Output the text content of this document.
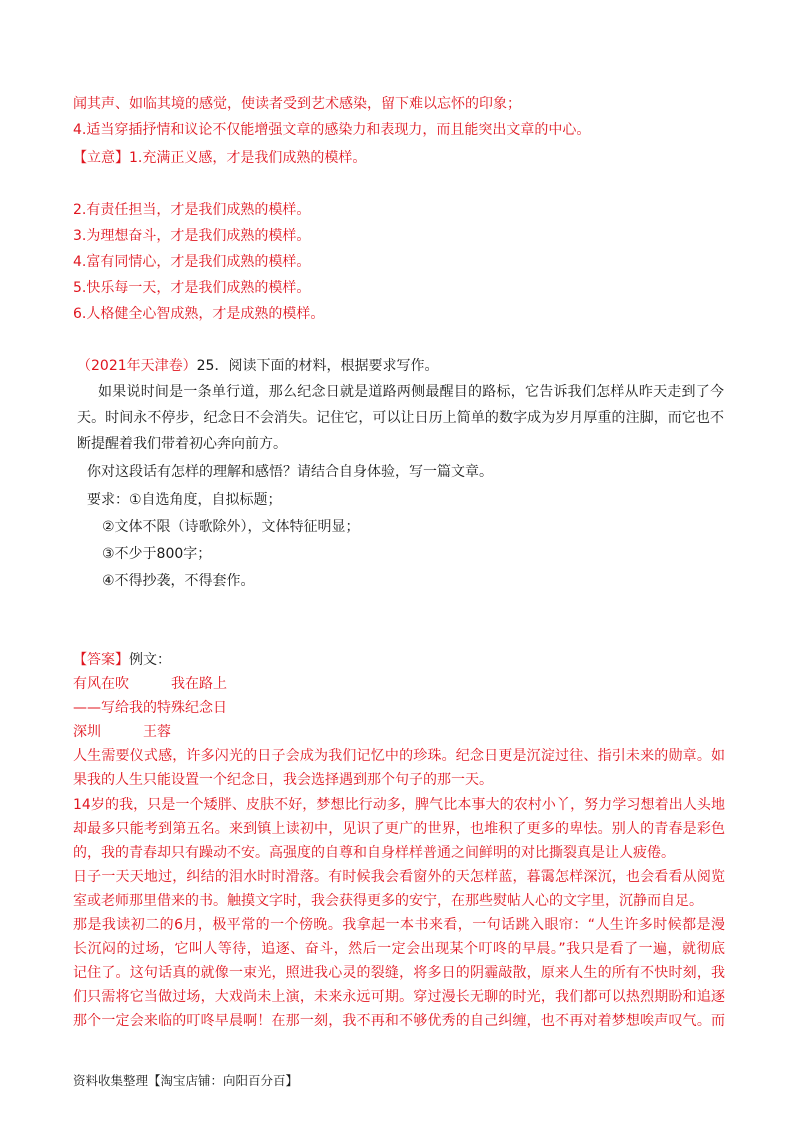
闻其声、如临其境的感觉，使读者受到艺术感染，留下难以忘怀的印象；
4.适当穿插抒情和议论不仅能增强文章的感染力和表现力，而且能突出文章的中心。
【立意】1.充满正义感，才是我们成熟的模样。
2.有责任担当，才是我们成熟的模样。
3.为理想奋斗，才是我们成熟的模样。
4.富有同情心，才是我们成熟的模样。
5.快乐每一天，才是我们成熟的模样。
6.人格健全心智成熟，才是成熟的模样。
（2021年天津卷）25．阅读下面的材料，根据要求写作。
如果说时间是一条单行道，那么纪念日就是道路两侧最醒目的路标，它告诉我们怎样从昨天走到了今
天。时间永不停步，纪念日不会消失。记住它，可以让日历上简单的数字成为岁月厚重的注脚，而它也不
断提醒着我们带着初心奔向前方。
你对这段话有怎样的理解和感悟？请结合自身体验，写一篇文章。
要求：①自选角度，自拟标题；
②文体不限（诗歌除外），文体特征明显；
③不少于800字；
④不得抄袭，不得套作。
【答案】例文：
有风在吹　　　我在路上
——写给我的特殊纪念日
深圳　　　王蓉
人生需要仪式感，许多闪光的日子会成为我们记忆中的珍珠。纪念日更是沉淀过往、指引未来的勋章。如
果我的人生只能设置一个纪念日，我会选择遇到那个句子的那一天。
14岁的我，只是一个矮胖、皮肤不好，梦想比行动多，脾气比本事大的农村小丫，努力学习想着出人头地
却最多只能考到第五名。来到镇上读初中，见识了更广的世界，也堆积了更多的卑怯。别人的青春是彩色
的，我的青春却只有躁动不安。高强度的自尊和自身样样普通之间鲜明的对比撕裂真是让人疲倦。
日子一天天地过，纠结的泪水时时滑落。有时候我会看窗外的天怎样蓝，暮霭怎样深沉，也会看看从阅览
室或老师那里借来的书。触摸文字时，我会获得更多的安宁，在那些熨帖人心的文字里，沉静而自足。
那是我读初二的6月，极平常的一个傍晚。我拿起一本书来看，一句话跳入眼帘：“人生许多时候都是漫
长沉闷的过场，它叫人等待，追逐、奋斗，然后一定会出现某个叮咚的早晨。”我只是看了一遍，就彻底
记住了。这句话真的就像一束光，照进我心灵的裂缝，将多日的阴霾敲散，原来人生的所有不快时刻，我
们只需将它当做过场，大戏尚未上演，未来永远可期。穿过漫长无聊的时光，我们都可以热烈期盼和追逐
那个一定会来临的叮咚早晨啊！在那一刻，我不再和不够优秀的自己纠缠，也不再对着梦想唉声叹气。而
资料收集整理【淘宝店铺：向阳百分百】
